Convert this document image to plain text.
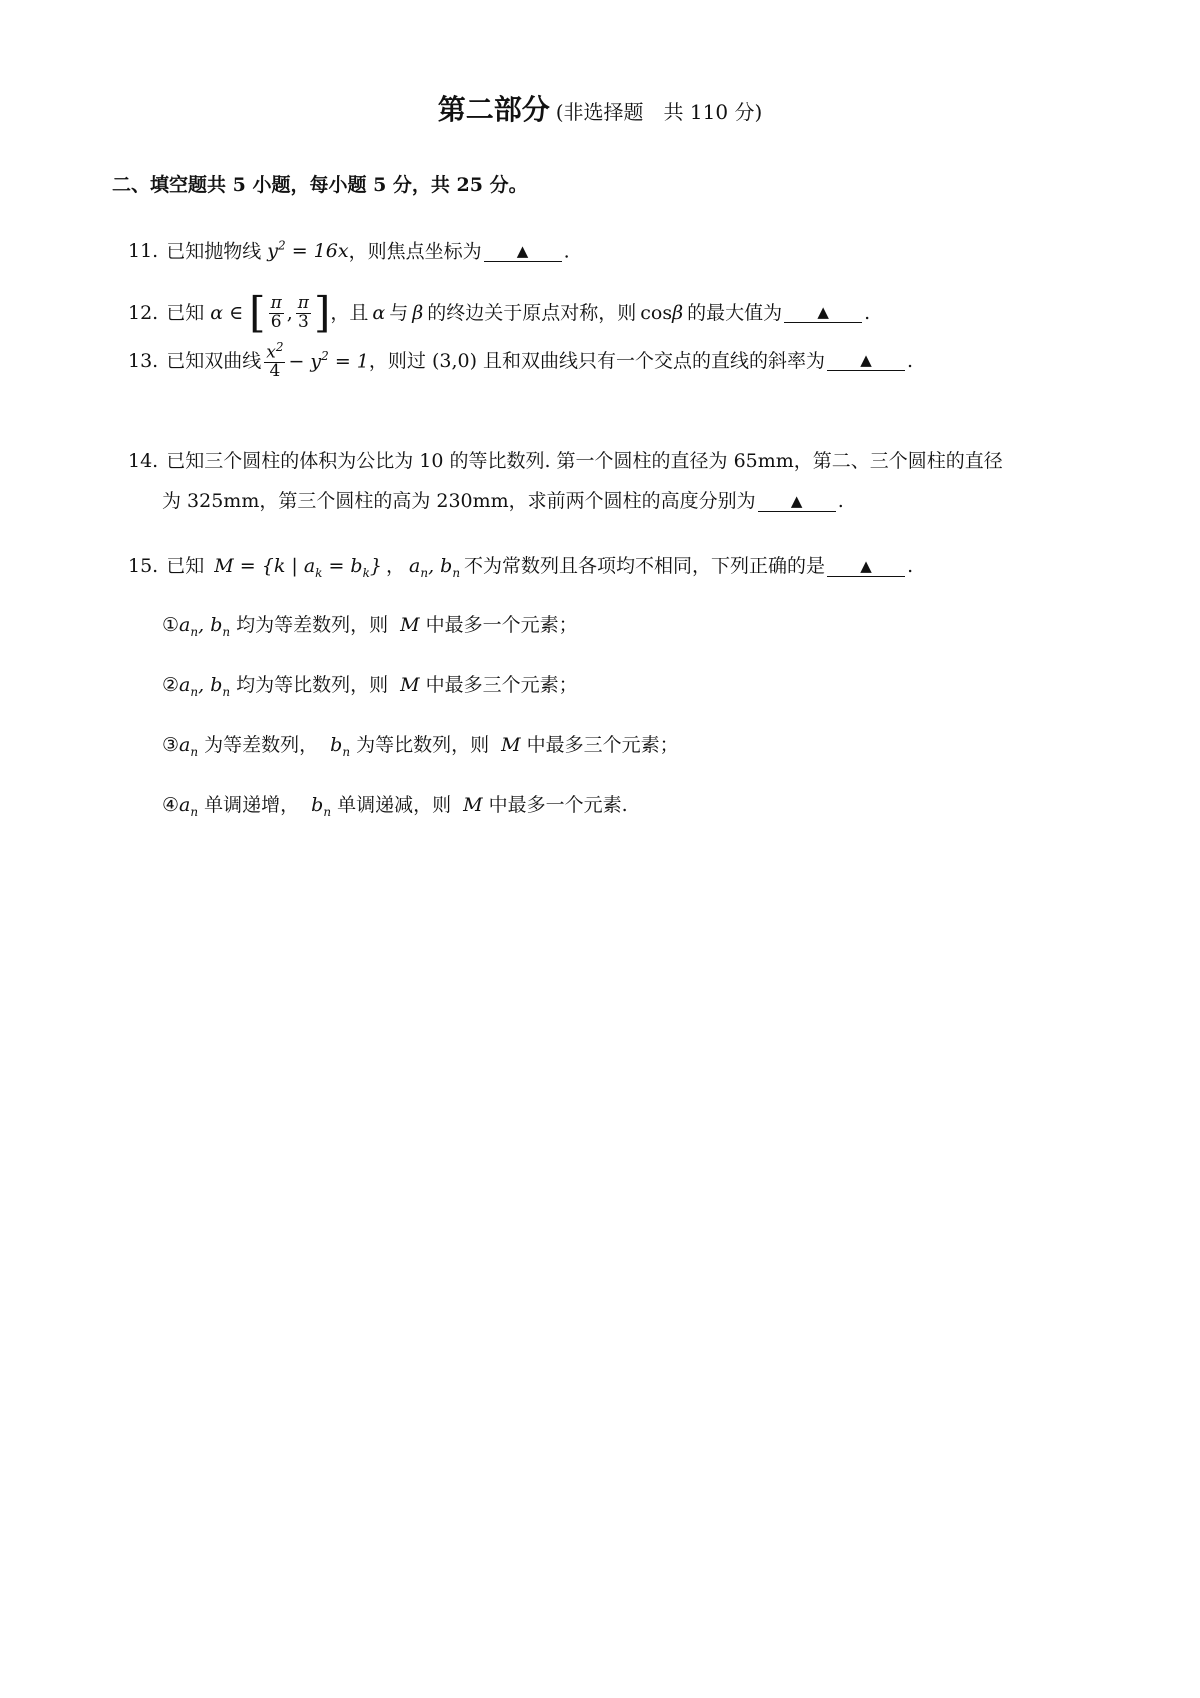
第二部分 (非选择题　共 110 分)
二、填空题共 5 小题，每小题 5 分，共 25 分。
11. 已知抛物线 $y^2 = 16x$，则焦点坐标为 ▲ .
12. 已知 α ∈ [ $\frac{\pi}{6}$ , $\frac{\pi}{3}$ ] ，且 α 与 β 的终边关于原点对称，则 cosβ 的最大值为	▲	.
13. 已知双曲线 $\frac{x^2}{4} - y^2 = 1$ ，则过 (3,0) 且和双曲线只有一个交点的直线的斜率为	▲	.
14. 已知三个圆柱的体积为公比为 10 的等比数列. 第一个圆柱的直径为 65mm，第二、三个圆柱的直径
为 325mm，第三个圆柱的高为 230mm，求前两个圆柱的高度分别为 ▲ .
15. 已知 M = {k | $a_k = b_k$} ， $a_n$, $b_n$ 不为常数列且各项均不相同，下列正确的是 ▲ .
$①a_n$, $b_n$ 均为等差数列，则 M 中最多一个元素；
$②a_n$, $b_n$ 均为等比数列，则 M 中最多三个元素；
$③a_n$ 为等差数列， $b_n$ 为等比数列，则 M 中最多三个元素；
$④a_n$ 单调递增， $b_n$ 单调递减，则 M 中最多一个元素.
